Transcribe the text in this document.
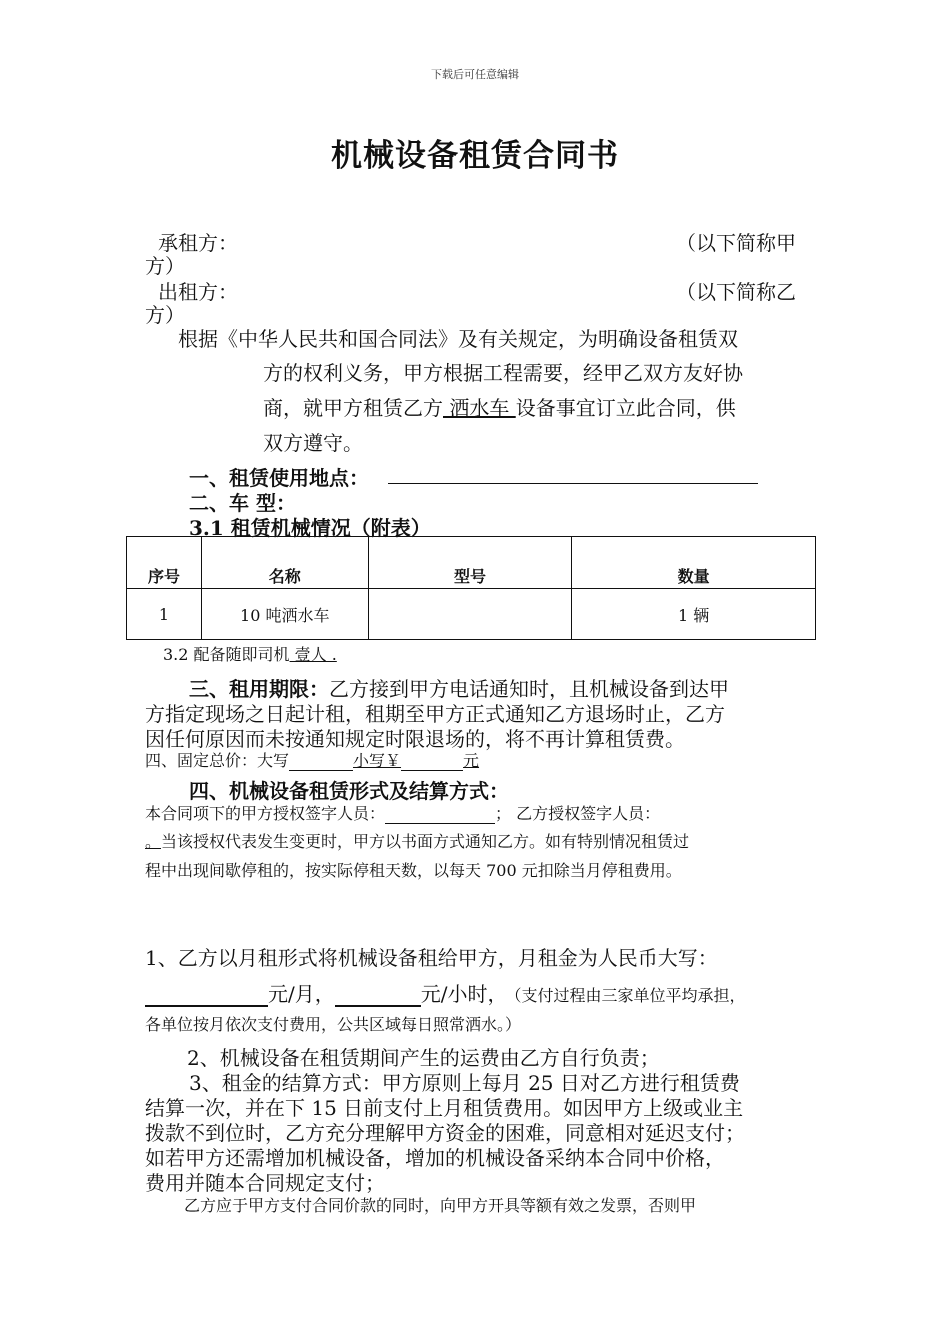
下载后可任意编辑
机械设备租赁合同书
承租方：	（以下简称甲
方）
出租方：	（以下简称乙
方）
根据《中华人民共和国合同法》及有关规定，为明确设备租赁双
方的权利义务，甲方根据工程需要，经甲乙双方友好协
商，就甲方租赁乙方 洒水车 设备事宜订立此合同，供
双方遵守。
一、租赁使用地点：
二、车 型：
3.1 租赁机械情况（附表）
序号	名称	型号	数量
1	10 吨洒水车		1 辆
3.2 配备随即司机 壹人 .
三、租用期限：乙方接到甲方电话通知时，且机械设备到达甲
方指定现场之日起计租，租期至甲方正式通知乙方退场时止，乙方
因任何原因而未按通知规定时限退场的，将不再计算租赁费。
四、固定总价：大写	小写￥	元
四、机械设备租赁形式及结算方式：
本合同项下的甲方授权签字人员：	； 乙方授权签字人员：
。当该授权代表发生变更时，甲方以书面方式通知乙方。如有特别情况租赁过
程中出现间歇停租的，按实际停租天数，以每天 700 元扣除当月停租费用。
1、乙方以月租形式将机械设备租给甲方，月租金为人民币大写：
元/月，	元/小时， （支付过程由三家单位平均承担，
各单位按月依次支付费用，公共区域每日照常洒水。）
2、机械设备在租赁期间产生的运费由乙方自行负责；
3、租金的结算方式：甲方原则上每月 25 日对乙方进行租赁费
结算一次，并在下 15 日前支付上月租赁费用。如因甲方上级或业主
拨款不到位时，乙方充分理解甲方资金的困难，同意相对延迟支付；
如若甲方还需增加机械设备，增加的机械设备采纳本合同中价格，
费用并随本合同规定支付；
乙方应于甲方支付合同价款的同时，向甲方开具等额有效之发票，否则甲
